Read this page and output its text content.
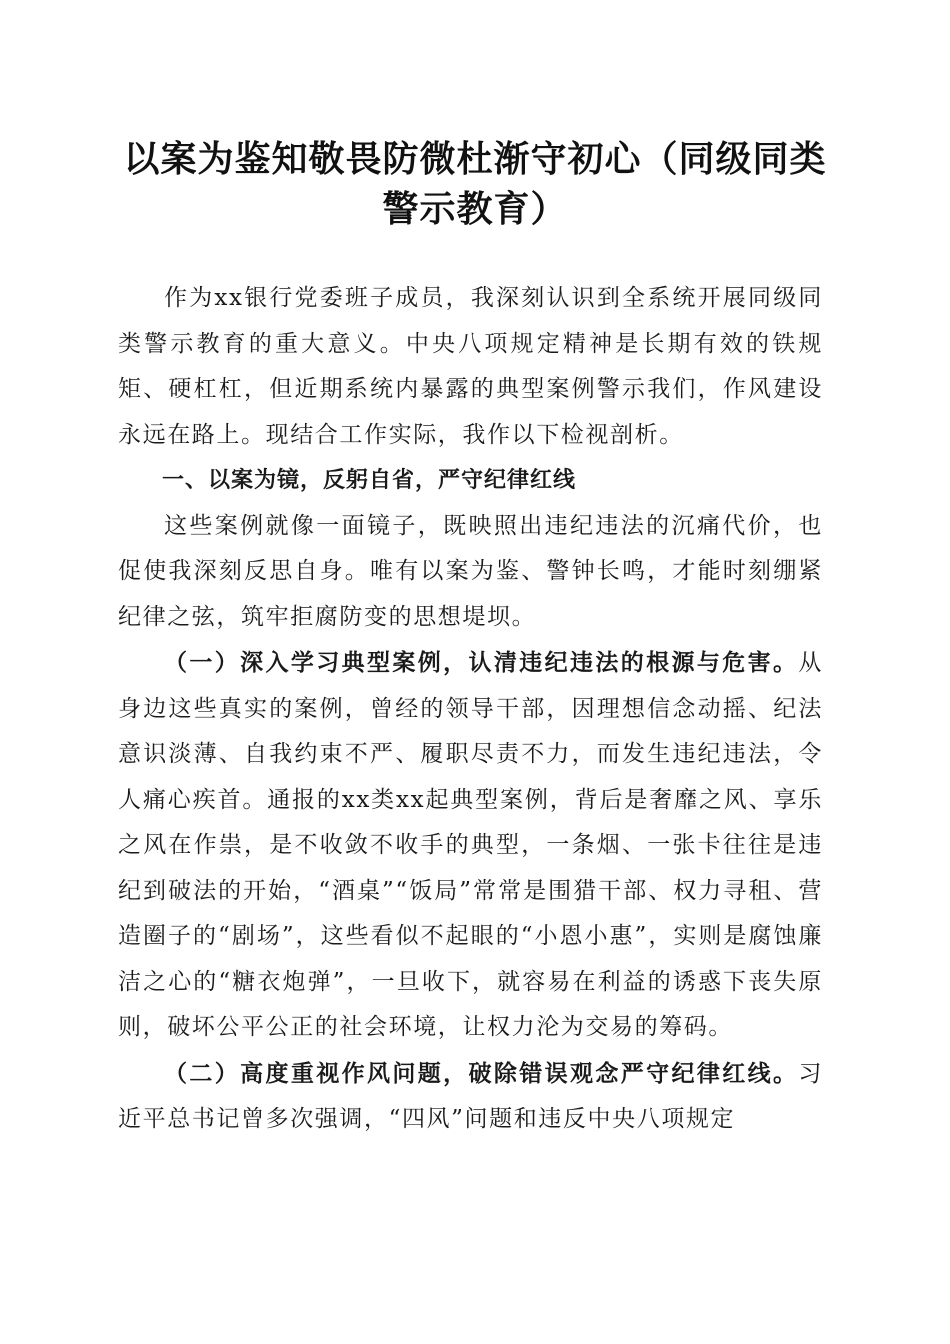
以案为鉴知敬畏防微杜渐守初心（同级同类警示教育）

作为xx银行党委班子成员，我深刻认识到全系统开展同级同类警示教育的重大意义。中央八项规定精神是长期有效的铁规矩、硬杠杠，但近期系统内暴露的典型案例警示我们，作风建设永远在路上。现结合工作实际，我作以下检视剖析。

一、以案为镜，反躬自省，严守纪律红线

这些案例就像一面镜子，既映照出违纪违法的沉痛代价，也促使我深刻反思自身。唯有以案为鉴、警钟长鸣，才能时刻绷紧纪律之弦，筑牢拒腐防变的思想堤坝。

（一）深入学习典型案例，认清违纪违法的根源与危害。从身边这些真实的案例，曾经的领导干部，因理想信念动摇、纪法意识淡薄、自我约束不严、履职尽责不力，而发生违纪违法，令人痛心疾首。通报的xx类xx起典型案例，背后是奢靡之风、享乐之风在作祟，是不收敛不收手的典型，一条烟、一张卡往往是违纪到破法的开始，“酒桌”“饭局”常常是围猎干部、权力寻租、营造圈子的“剧场”，这些看似不起眼的“小恩小惠”，实则是腐蚀廉洁之心的“糖衣炮弹”，一旦收下，就容易在利益的诱惑下丧失原则，破坏公平公正的社会环境，让权力沦为交易的筹码。

（二）高度重视作风问题，破除错误观念严守纪律红线。习近平总书记曾多次强调，“四风”问题和违反中央八项规定
